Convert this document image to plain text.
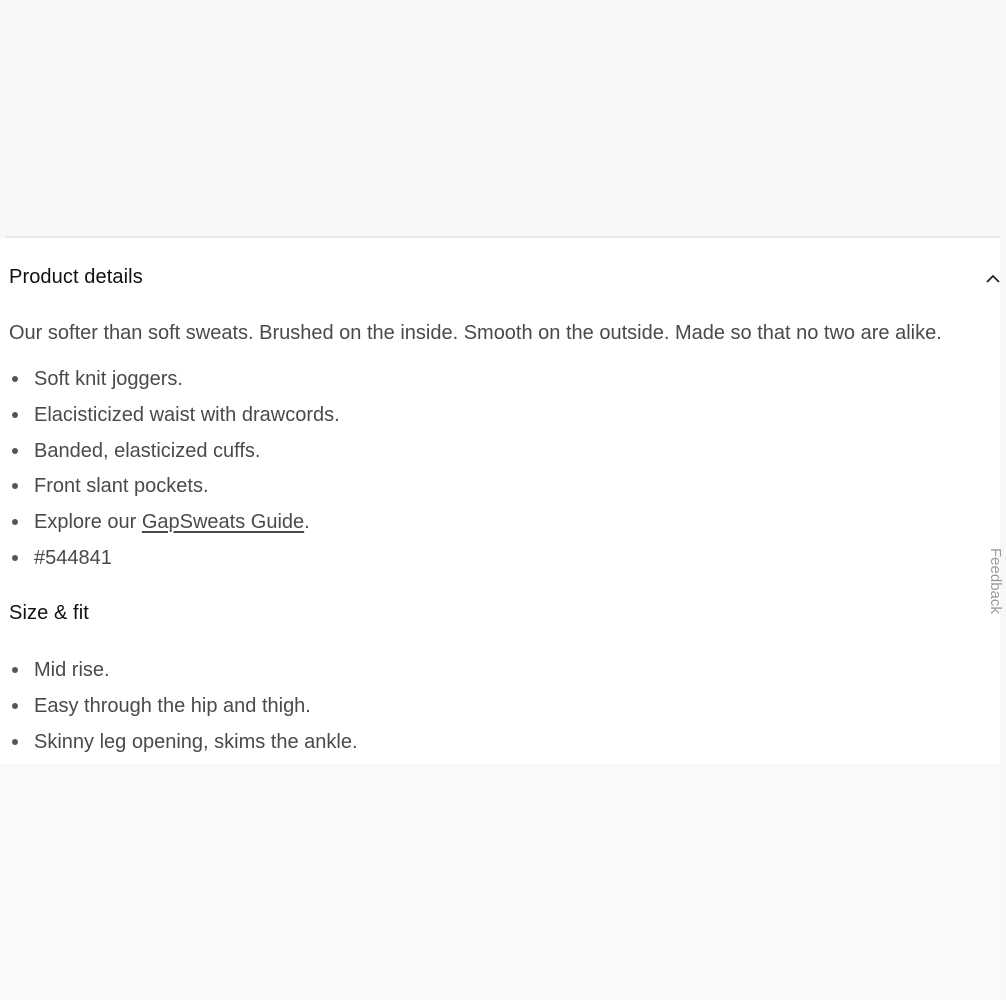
Product details
Our softer than soft sweats. Brushed on the inside. Smooth on the outside. Made so that no two are alike.
Soft knit joggers.
Elacisticized waist with drawcords.
Banded, elasticized cuffs.
Front slant pockets.
Explore our GapSweats Guide.
#544841
Size & fit
Mid rise.
Easy through the hip and thigh.
Skinny leg opening, skims the ankle.
Feedback
